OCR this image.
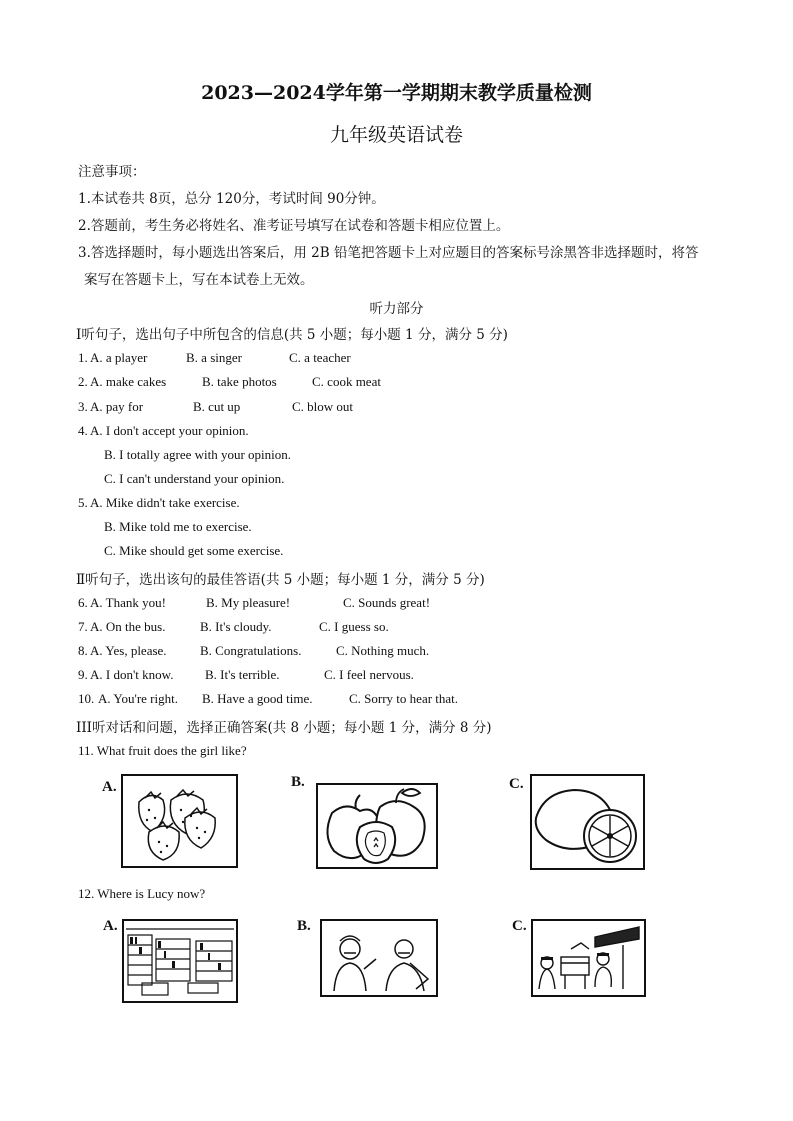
2023—2024学年第一学期期末教学质量检测
九年级英语试卷
注意事项：
1.本试卷共 8页，总分 120分，考试时间 90分钟。
2.答题前，考生务必将姓名、准考证号填写在试卷和答题卡相应位置上。
3.答选择题时，每小题选出答案后，用 2B 铅笔把答题卡上对应题目的答案标号涂黑答非选择题时，将答
案写在答题卡上，写在本试卷上无效。
听力部分
Ⅰ听句子，选出句子中所包含的信息(共 5 小题；每小题 1 分，满分 5 分)
1. A. a player	B. a singer	C. a teacher
2. A. make cakes	B. take photos	C. cook meat
3. A. pay for	B. cut up	C. blow out
4. A. I don't accept your opinion.
B. I totally agree with your opinion.
C. I can't understand your opinion.
5. A. Mike didn't take exercise.
B. Mike told me to exercise.
C. Mike should get some exercise.
Ⅱ听句子，选出该句的最佳答语(共 5 小题；每小题 1 分，满分 5 分)
6. A. Thank you!	B. My pleasure!	C. Sounds great!
7. A. On the bus.	B. It's cloudy.	C. I guess so.
8. A. Yes, please.	B. Congratulations.	C. Nothing much.
9. A. I don't know. B. It's terrible.	C. I feel nervous.
10. A. You're right. B. Have a good time.	C. Sorry to hear that.
III听对话和问题，选择正确答案(共 8 小题；每小题 1 分，满分 8 分)
11. What fruit does the girl like?
A.	B.	C.
12. Where is Lucy now?
A.	B.	C.
